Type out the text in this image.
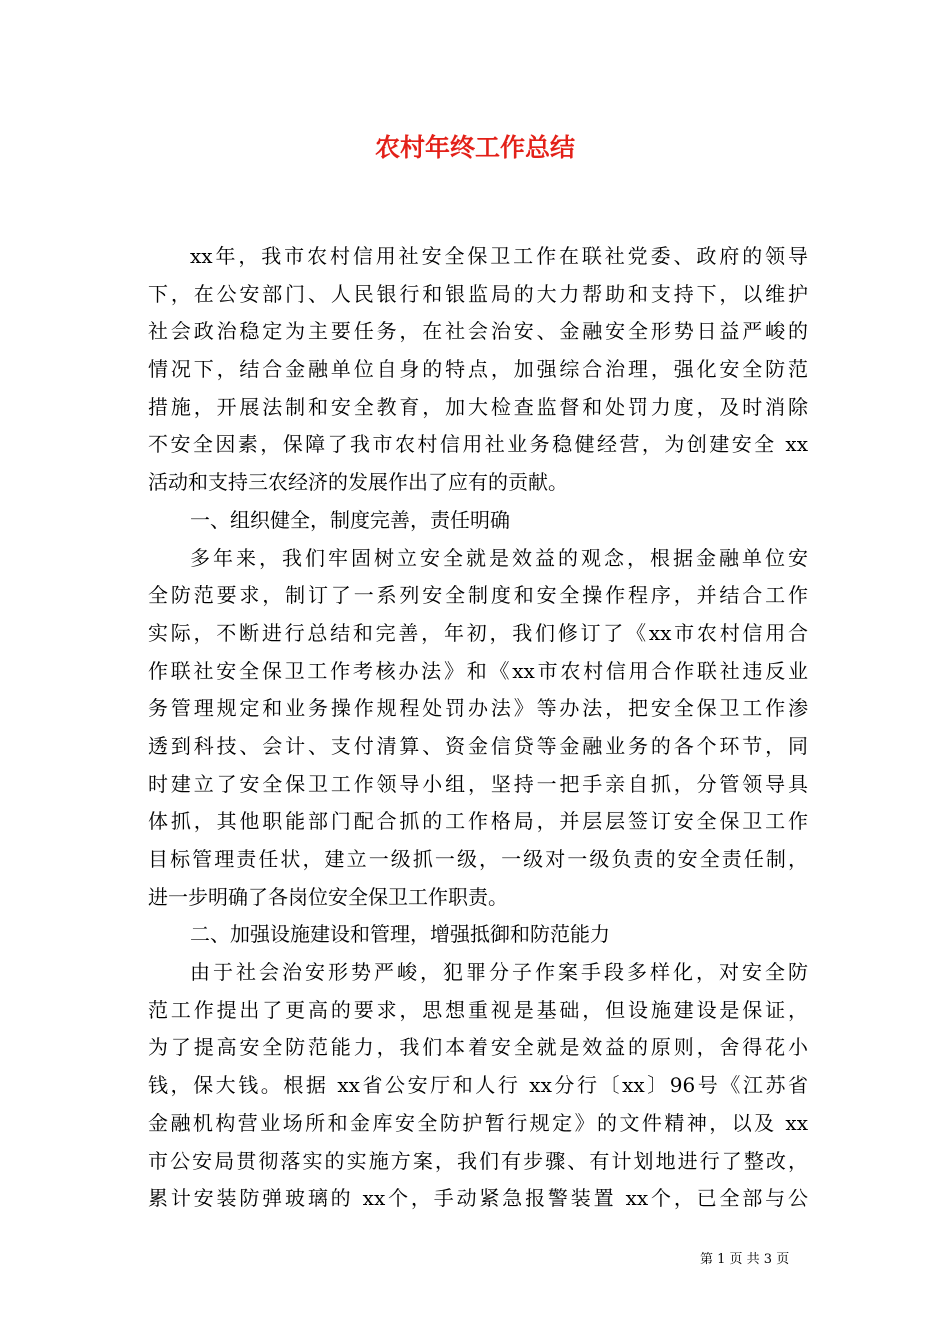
农村年终工作总结
xx年，我市农村信用社安全保卫工作在联社党委、政府的领导
下，在公安部门、人民银行和银监局的大力帮助和支持下，以维护
社会政治稳定为主要任务，在社会治安、金融安全形势日益严峻的
情况下，结合金融单位自身的特点，加强综合治理，强化安全防范
措施，开展法制和安全教育，加大检查监督和处罚力度，及时消除
不安全因素，保障了我市农村信用社业务稳健经营，为创建安全 xx
活动和支持三农经济的发展作出了应有的贡献。
一、组织健全，制度完善，责任明确
多年来，我们牢固树立安全就是效益的观念，根据金融单位安
全防范要求，制订了一系列安全制度和安全操作程序，并结合工作
实际，不断进行总结和完善，年初，我们修订了《xx市农村信用合
作联社安全保卫工作考核办法》和《xx市农村信用合作联社违反业
务管理规定和业务操作规程处罚办法》等办法，把安全保卫工作渗
透到科技、会计、支付清算、资金信贷等金融业务的各个环节，同
时建立了安全保卫工作领导小组，坚持一把手亲自抓，分管领导具
体抓，其他职能部门配合抓的工作格局，并层层签订安全保卫工作
目标管理责任状，建立一级抓一级，一级对一级负责的安全责任制，
进一步明确了各岗位安全保卫工作职责。
二、加强设施建设和管理，增强抵御和防范能力
由于社会治安形势严峻，犯罪分子作案手段多样化，对安全防
范工作提出了更高的要求，思想重视是基础，但设施建设是保证，
为了提高安全防范能力，我们本着安全就是效益的原则，舍得花小
钱，保大钱。根据 xx省公安厅和人行 xx分行〔xx〕96号《江苏省
金融机构营业场所和金库安全防护暂行规定》的文件精神，以及 xx
市公安局贯彻落实的实施方案，我们有步骤、有计划地进行了整改，
累计安装防弹玻璃的 xx个，手动紧急报警装置 xx个，已全部与公
第 1 页 共 3 页
